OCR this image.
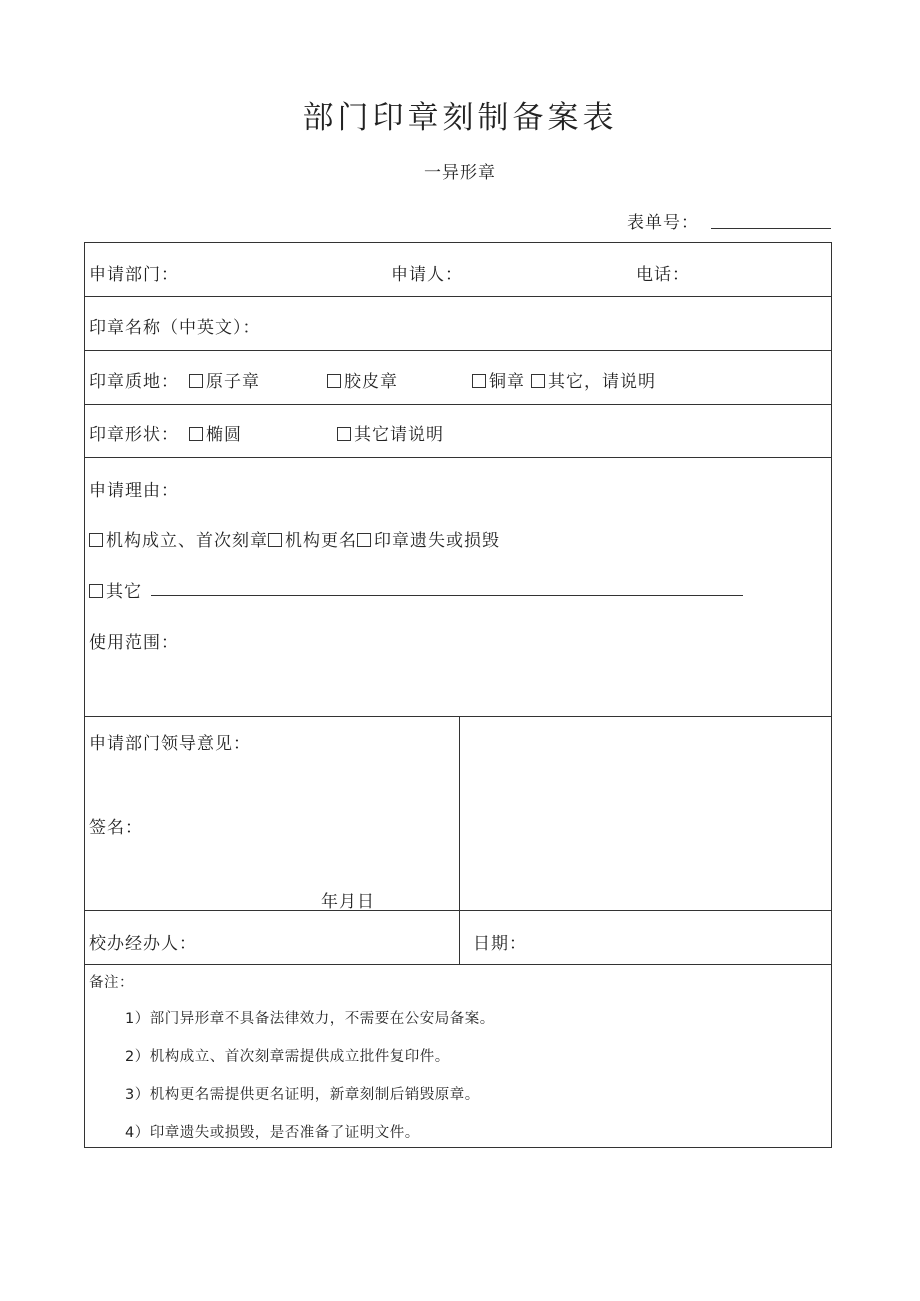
部门印章刻制备案表
一异形章
表单号：
申请部门：	申请人：	电话：
印章名称（中英文）：
印章质地：	原子章	胶皮章	铜章	其它，请说明
印章形状：	椭圆	其它请说明
申请理由：
机构成立、首次刻章 机构更名 印章遗失或损毁
其它
使用范围：
申请部门领导意见：
签名：
年月日
校办经办人：	日期：
备注：
1）部门异形章不具备法律效力，不需要在公安局备案。
2）机构成立、首次刻章需提供成立批件复印件。
3）机构更名需提供更名证明，新章刻制后销毁原章。
4）印章遗失或损毁，是否准备了证明文件。
